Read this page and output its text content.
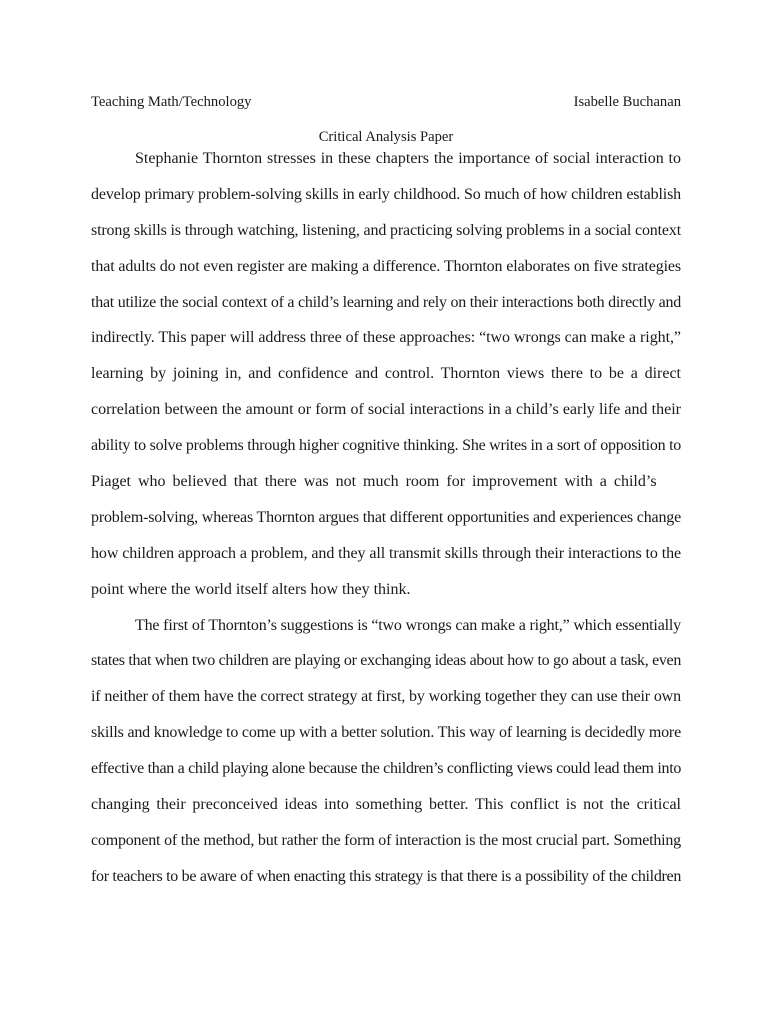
Teaching Math/Technology	Isabelle Buchanan
Critical Analysis Paper
Stephanie Thornton stresses in these chapters the importance of social interaction to
develop primary problem-solving skills in early childhood. So much of how children establish
strong skills is through watching, listening, and practicing solving problems in a social context
that adults do not even register are making a difference. Thornton elaborates on five strategies
that utilize the social context of a child’s learning and rely on their interactions both directly and
indirectly. This paper will address three of these approaches: “two wrongs can make a right,”
learning by joining in, and confidence and control. Thornton views there to be a direct
correlation between the amount or form of social interactions in a child’s early life and their
ability to solve problems through higher cognitive thinking. She writes in a sort of opposition to
Piaget who believed that there was not much room for improvement with a child’s
problem-solving, whereas Thornton argues that different opportunities and experiences change
how children approach a problem, and they all transmit skills through their interactions to the
point where the world itself alters how they think.
The first of Thornton’s suggestions is “two wrongs can make a right,” which essentially
states that when two children are playing or exchanging ideas about how to go about a task, even
if neither of them have the correct strategy at first, by working together they can use their own
skills and knowledge to come up with a better solution. This way of learning is decidedly more
effective than a child playing alone because the children’s conflicting views could lead them into
changing their preconceived ideas into something better. This conflict is not the critical
component of the method, but rather the form of interaction is the most crucial part. Something
for teachers to be aware of when enacting this strategy is that there is a possibility of the children
